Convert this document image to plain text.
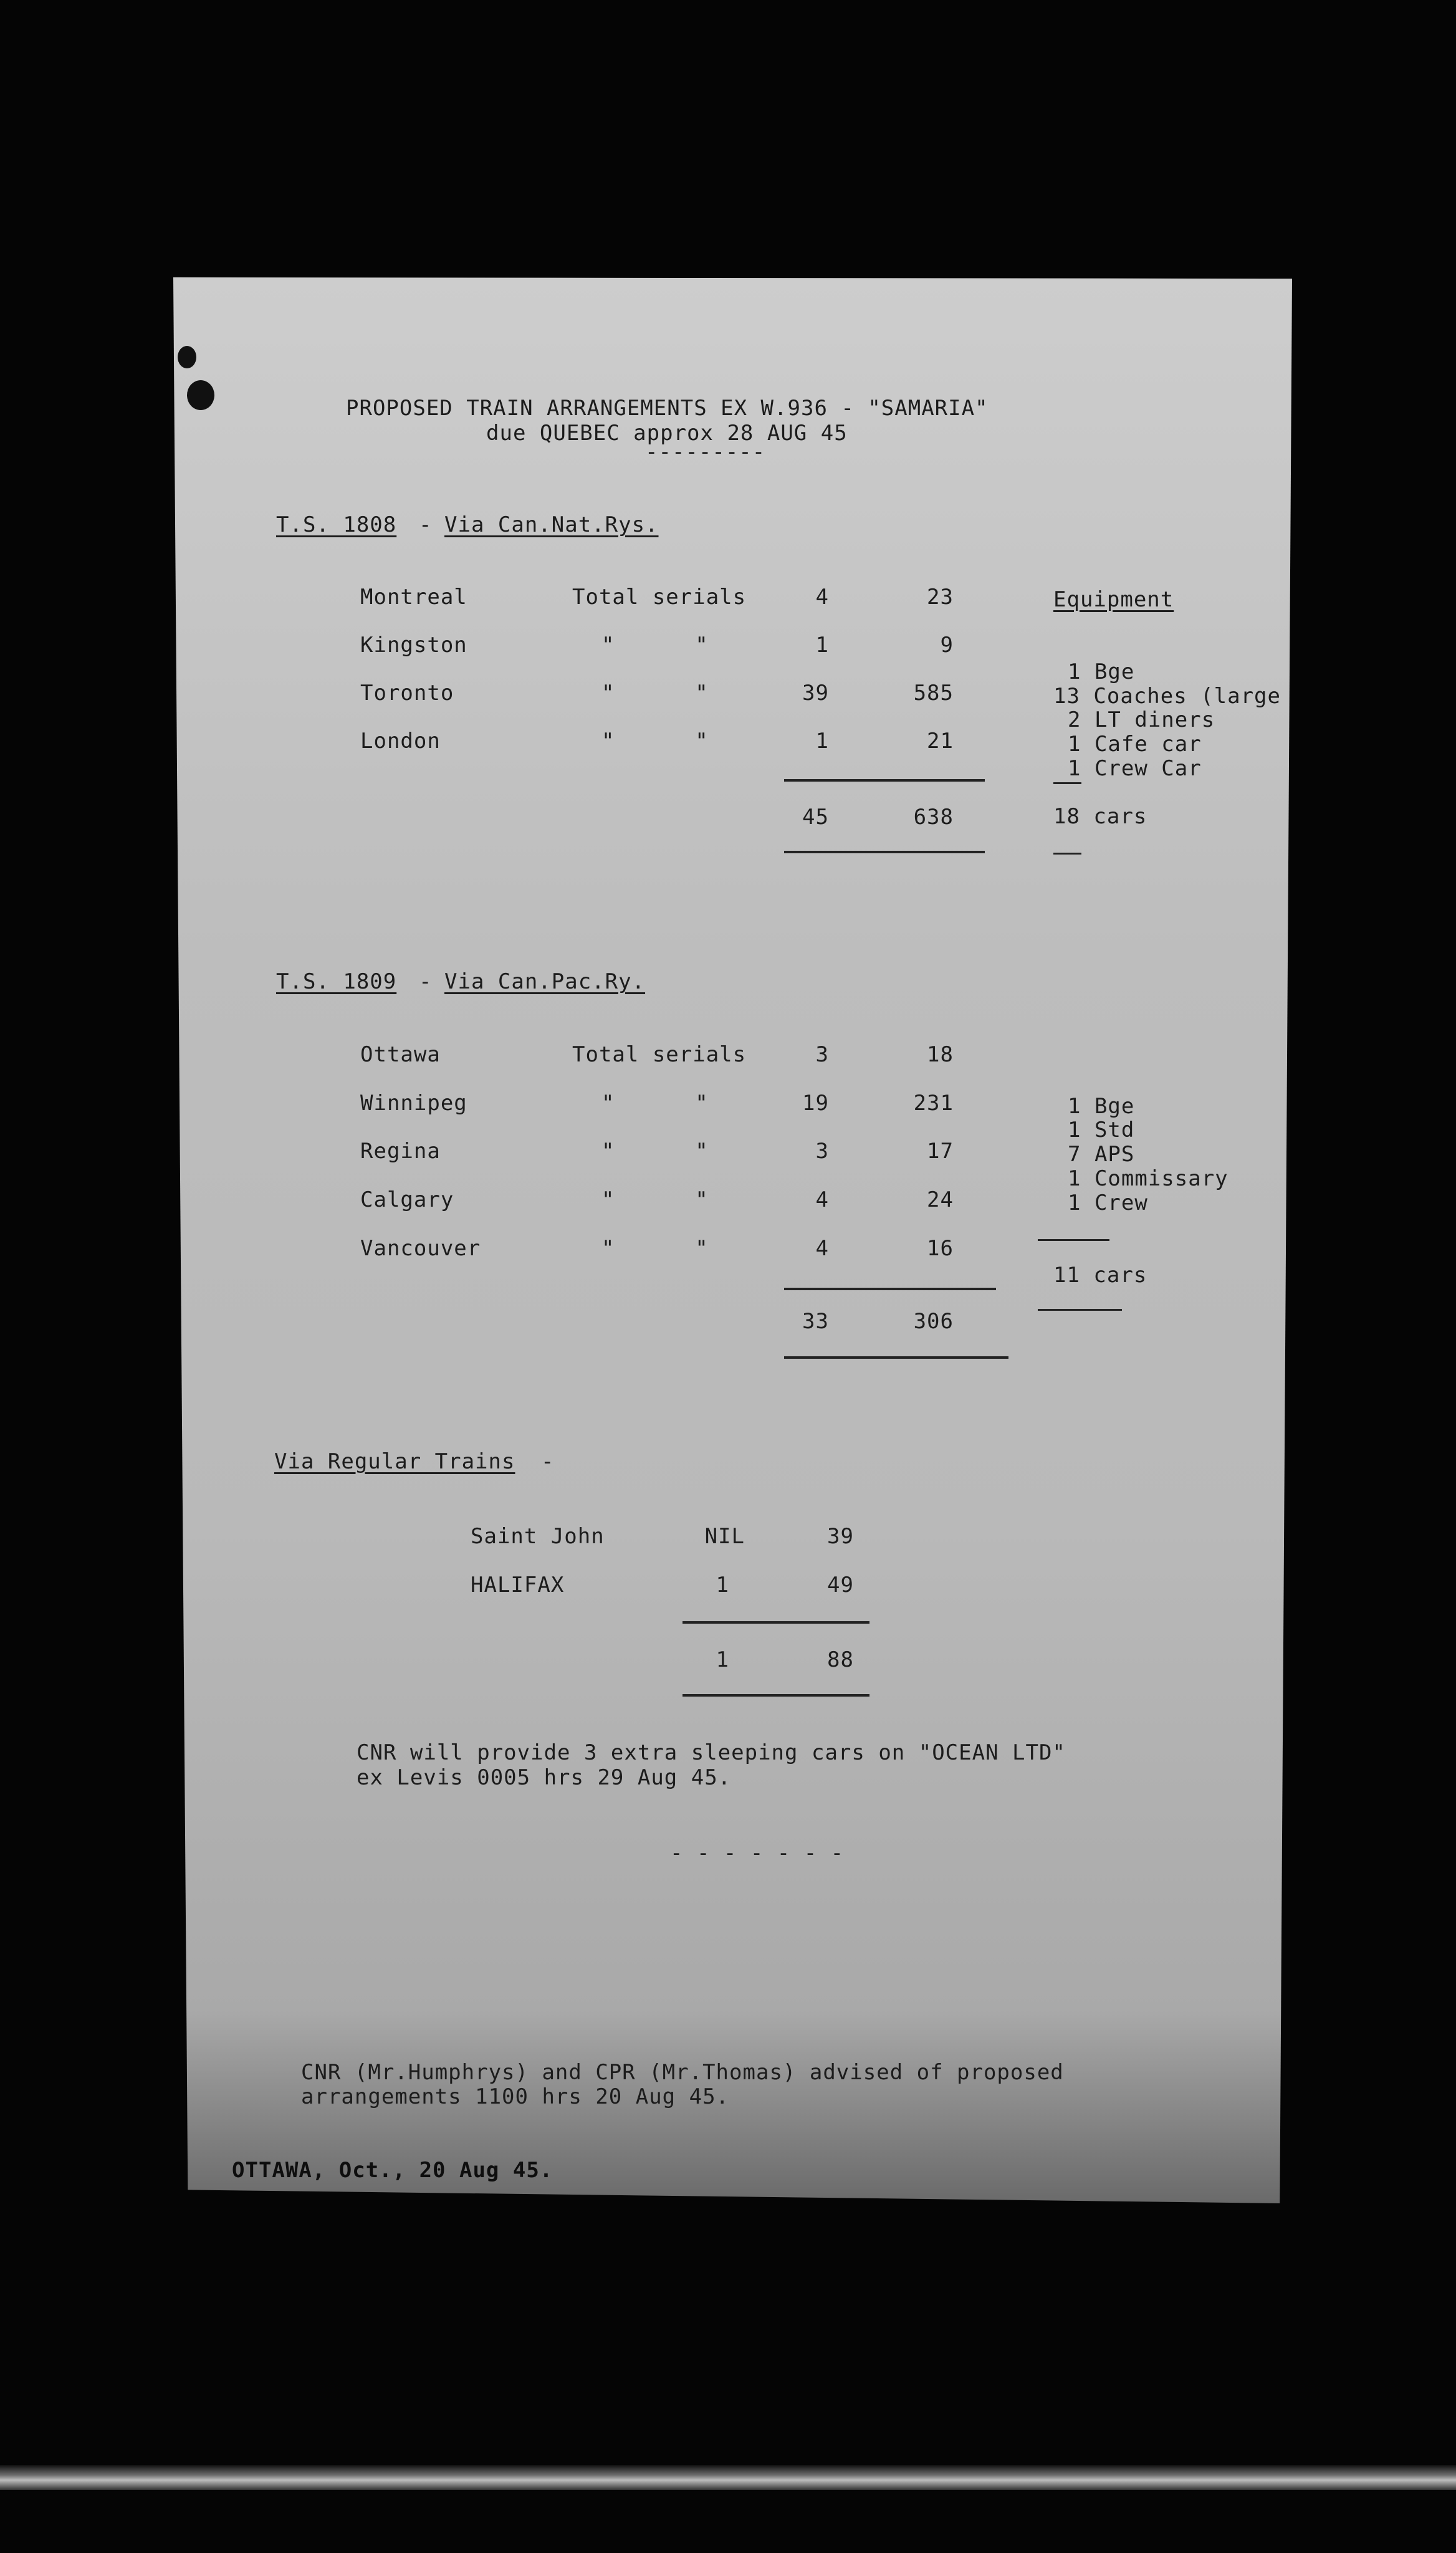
PROPOSED TRAIN ARRANGEMENTS EX W.936 - "SAMARIA"
due QUEBEC approx 28 AUG 45
---------
T.S. 1808 - Via Can.Nat.Rys.
Montreal	Total serials	4	23
Kingston	"      "	1	9
Toronto	"      "	39	585
London	"      "	1	21
45	638
Equipment
1 Bge
13 Coaches (large
2 LT diners
1 Cafe car
1 Crew Car
18 cars
T.S. 1809 - Via Can.Pac.Ry.
Ottawa	Total serials	3	18
Winnipeg	"      "	19	231
Regina	"      "	3	17
Calgary	"      "	4	24
Vancouver	"      "	4	16
33	306
1 Bge
1 Std
7 APS
1 Commissary
1 Crew
11 cars
Via Regular Trains -
Saint John	NIL	39
HALIFAX	1	49
1	88
CNR will provide 3 extra sleeping cars on "OCEAN LTD"
ex Levis 0005 hrs 29 Aug 45.
- - - - - - -
CNR (Mr.Humphrys) and CPR (Mr.Thomas) advised of proposed
arrangements 1100 hrs 20 Aug 45.
OTTAWA, Oct., 20 Aug 45.
